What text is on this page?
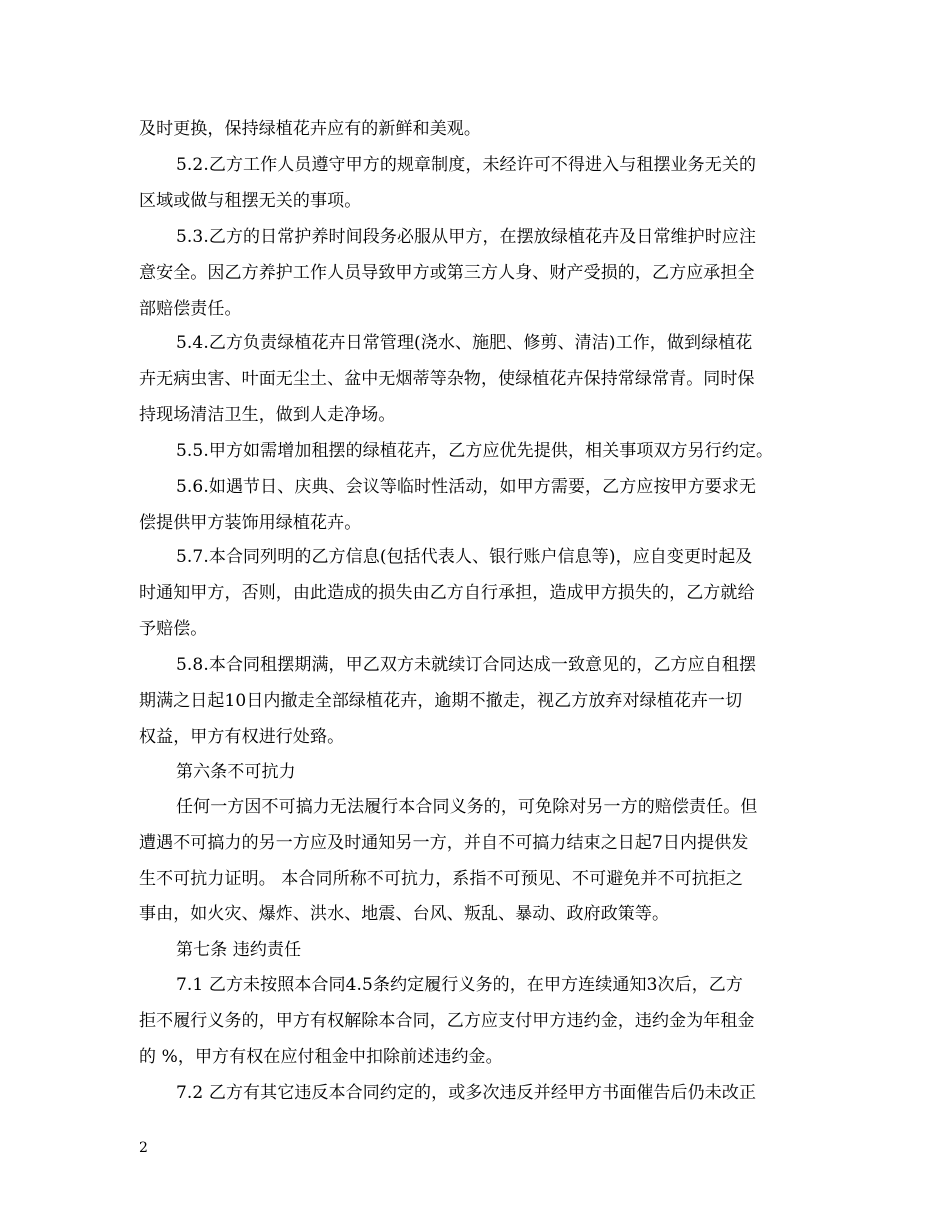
及时更换，保持绿植花卉应有的新鲜和美观。
5.2.乙方工作人员遵守甲方的规章制度，未经许可不得进入与租摆业务无关的
区域或做与租摆无关的事项。
5.3.乙方的日常护养时间段务必服从甲方，在摆放绿植花卉及日常维护时应注
意安全。因乙方养护工作人员导致甲方或第三方人身、财产受损的，乙方应承担全
部赔偿责任。
5.4.乙方负责绿植花卉日常管理(浇水、施肥、修剪、清洁)工作，做到绿植花
卉无病虫害、叶面无尘土、盆中无烟蒂等杂物，使绿植花卉保持常绿常青。同时保
持现场清洁卫生，做到人走净场。
5.5.甲方如需增加租摆的绿植花卉，乙方应优先提供，相关事项双方另行约定。
5.6.如遇节日、庆典、会议等临时性活动，如甲方需要，乙方应按甲方要求无
偿提供甲方装饰用绿植花卉。
5.7.本合同列明的乙方信息(包括代表人、银行账户信息等)，应自变更时起及
时通知甲方，否则，由此造成的损失由乙方自行承担，造成甲方损失的，乙方就给
予赔偿。
5.8.本合同租摆期满，甲乙双方未就续订合同达成一致意见的，乙方应自租摆
期满之日起10日内撤走全部绿植花卉，逾期不撤走，视乙方放弃对绿植花卉一切
权益，甲方有权进行处臵。
第六条不可抗力
任何一方因不可搞力无法履行本合同义务的，可免除对另一方的赔偿责任。但
遭遇不可搞力的另一方应及时通知另一方，并自不可搞力结束之日起7日内提供发
生不可抗力证明。 本合同所称不可抗力，系指不可预见、不可避免并不可抗拒之
事由，如火灾、爆炸、洪水、地震、台风、叛乱、暴动、政府政策等。
第七条 违约责任
7.1 乙方未按照本合同4.5条约定履行义务的，在甲方连续通知3次后，乙方
拒不履行义务的，甲方有权解除本合同，乙方应支付甲方违约金，违约金为年租金
的 %，甲方有权在应付租金中扣除前述违约金。
7.2 乙方有其它违反本合同约定的，或多次违反并经甲方书面催告后仍未改正
2
